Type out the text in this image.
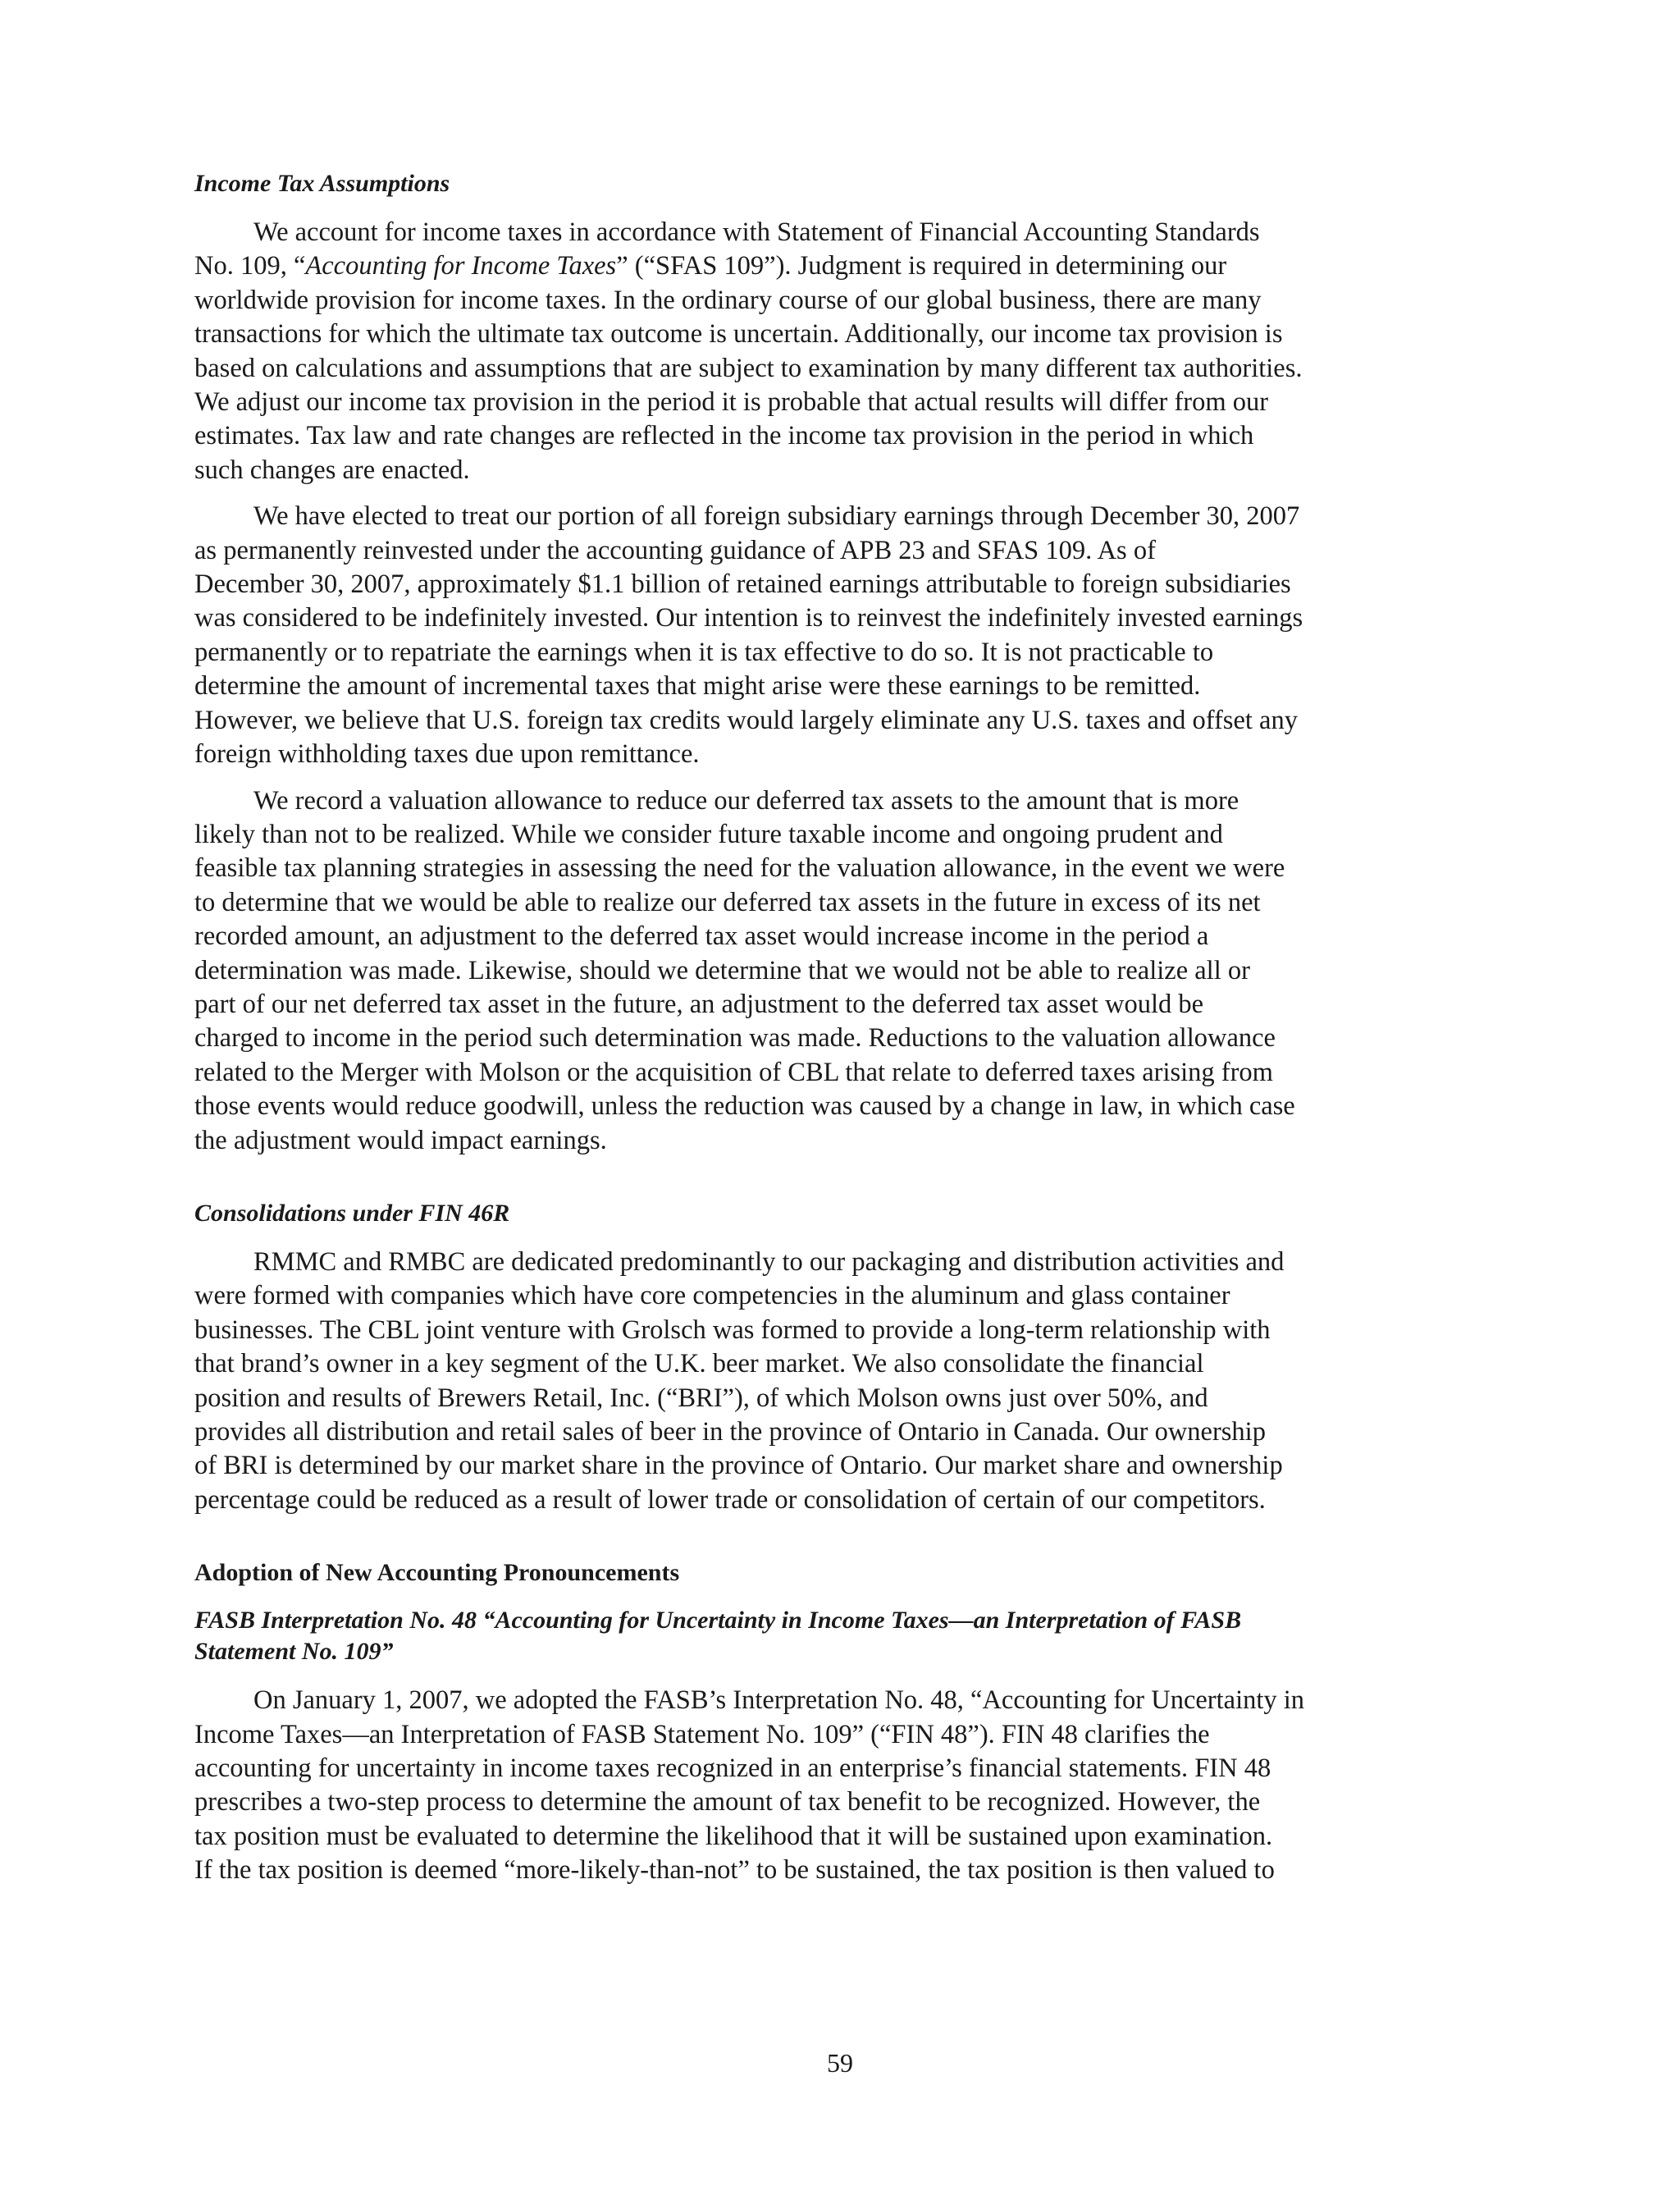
Income Tax Assumptions
We account for income taxes in accordance with Statement of Financial Accounting Standards
No. 109, “Accounting for Income Taxes” (“SFAS 109”). Judgment is required in determining our
worldwide provision for income taxes. In the ordinary course of our global business, there are many
transactions for which the ultimate tax outcome is uncertain. Additionally, our income tax provision is
based on calculations and assumptions that are subject to examination by many different tax authorities.
We adjust our income tax provision in the period it is probable that actual results will differ from our
estimates. Tax law and rate changes are reflected in the income tax provision in the period in which
such changes are enacted.
We have elected to treat our portion of all foreign subsidiary earnings through December 30, 2007
as permanently reinvested under the accounting guidance of APB 23 and SFAS 109. As of
December 30, 2007, approximately $1.1 billion of retained earnings attributable to foreign subsidiaries
was considered to be indefinitely invested. Our intention is to reinvest the indefinitely invested earnings
permanently or to repatriate the earnings when it is tax effective to do so. It is not practicable to
determine the amount of incremental taxes that might arise were these earnings to be remitted.
However, we believe that U.S. foreign tax credits would largely eliminate any U.S. taxes and offset any
foreign withholding taxes due upon remittance.
We record a valuation allowance to reduce our deferred tax assets to the amount that is more
likely than not to be realized. While we consider future taxable income and ongoing prudent and
feasible tax planning strategies in assessing the need for the valuation allowance, in the event we were
to determine that we would be able to realize our deferred tax assets in the future in excess of its net
recorded amount, an adjustment to the deferred tax asset would increase income in the period a
determination was made. Likewise, should we determine that we would not be able to realize all or
part of our net deferred tax asset in the future, an adjustment to the deferred tax asset would be
charged to income in the period such determination was made. Reductions to the valuation allowance
related to the Merger with Molson or the acquisition of CBL that relate to deferred taxes arising from
those events would reduce goodwill, unless the reduction was caused by a change in law, in which case
the adjustment would impact earnings.
Consolidations under FIN 46R
RMMC and RMBC are dedicated predominantly to our packaging and distribution activities and
were formed with companies which have core competencies in the aluminum and glass container
businesses. The CBL joint venture with Grolsch was formed to provide a long-term relationship with
that brand’s owner in a key segment of the U.K. beer market. We also consolidate the financial
position and results of Brewers Retail, Inc. (“BRI”), of which Molson owns just over 50%, and
provides all distribution and retail sales of beer in the province of Ontario in Canada. Our ownership
of BRI is determined by our market share in the province of Ontario. Our market share and ownership
percentage could be reduced as a result of lower trade or consolidation of certain of our competitors.
Adoption of New Accounting Pronouncements
FASB Interpretation No. 48 “Accounting for Uncertainty in Income Taxes—an Interpretation of FASB
Statement No. 109”
On January 1, 2007, we adopted the FASB’s Interpretation No. 48, “Accounting for Uncertainty in
Income Taxes—an Interpretation of FASB Statement No. 109” (“FIN 48”). FIN 48 clarifies the
accounting for uncertainty in income taxes recognized in an enterprise’s financial statements. FIN 48
prescribes a two-step process to determine the amount of tax benefit to be recognized. However, the
tax position must be evaluated to determine the likelihood that it will be sustained upon examination.
If the tax position is deemed “more-likely-than-not” to be sustained, the tax position is then valued to
59
